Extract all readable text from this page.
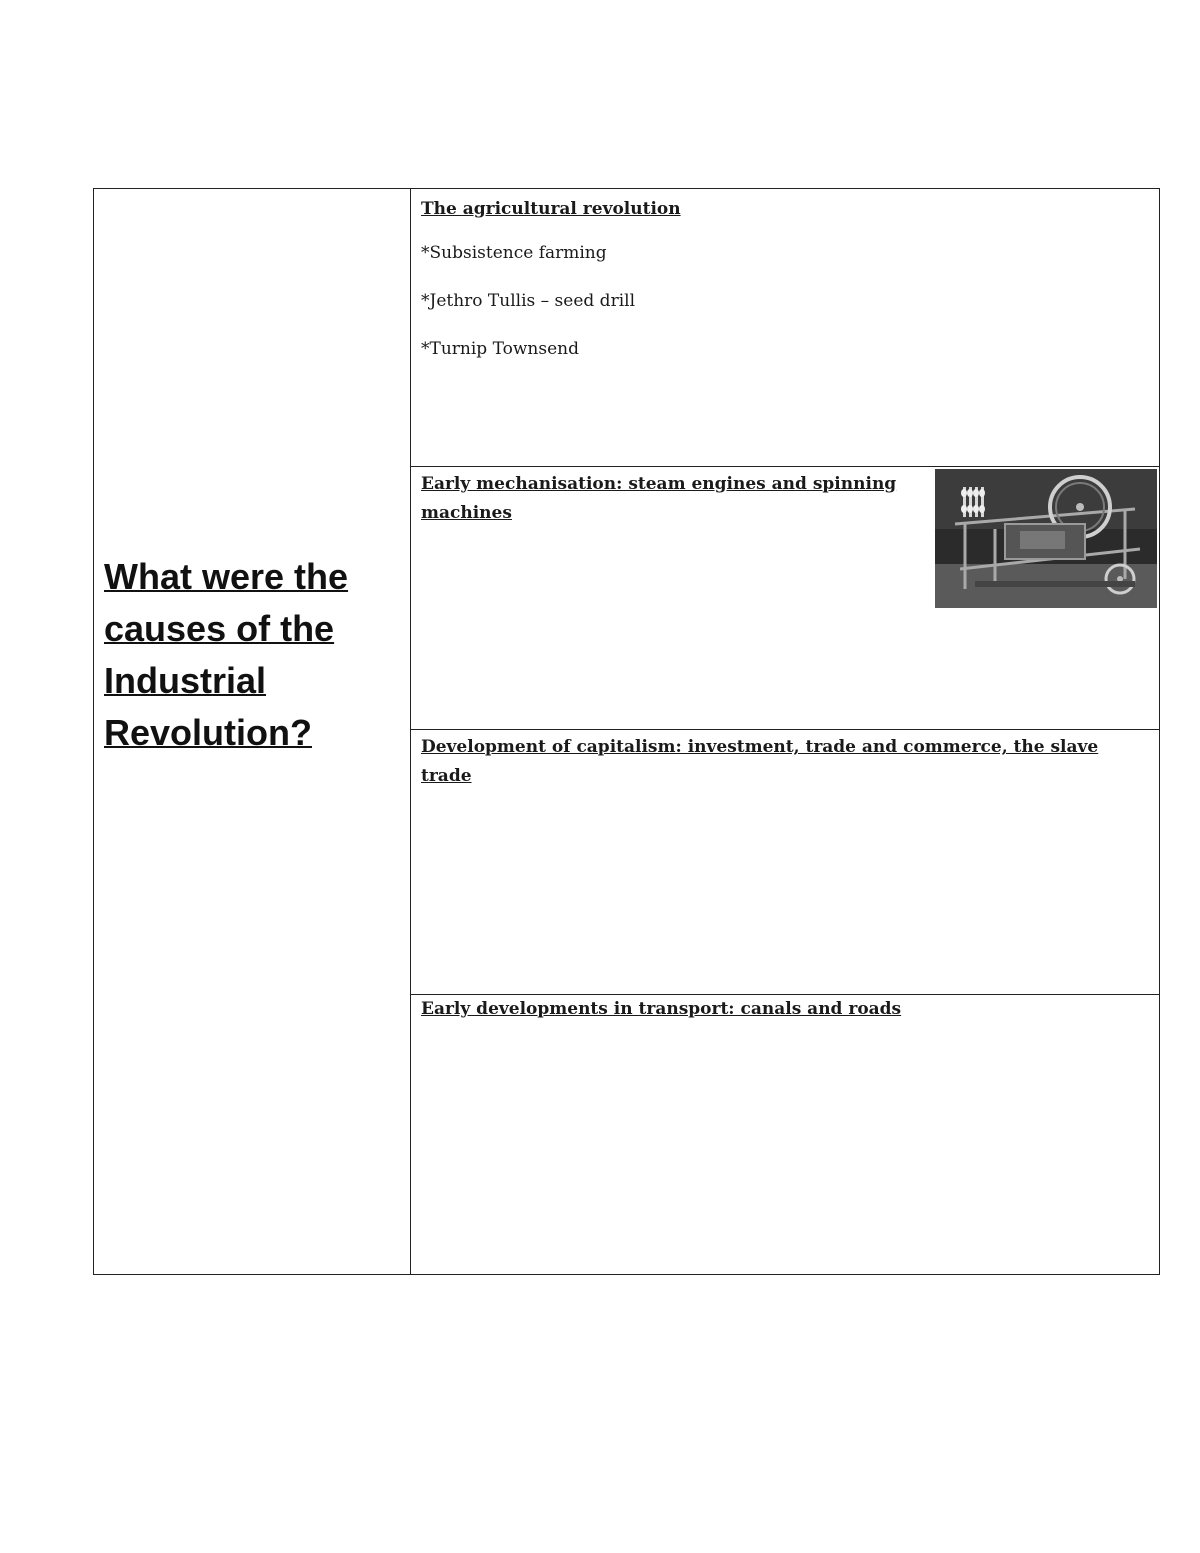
What were the causes of the Industrial Revolution?
The agricultural revolution
*Subsistence farming
*Jethro Tullis – seed drill
*Turnip Townsend
Early mechanisation: steam engines and spinning machines
Development of capitalism: investment, trade and commerce, the slave trade
Early developments in transport: canals and roads
